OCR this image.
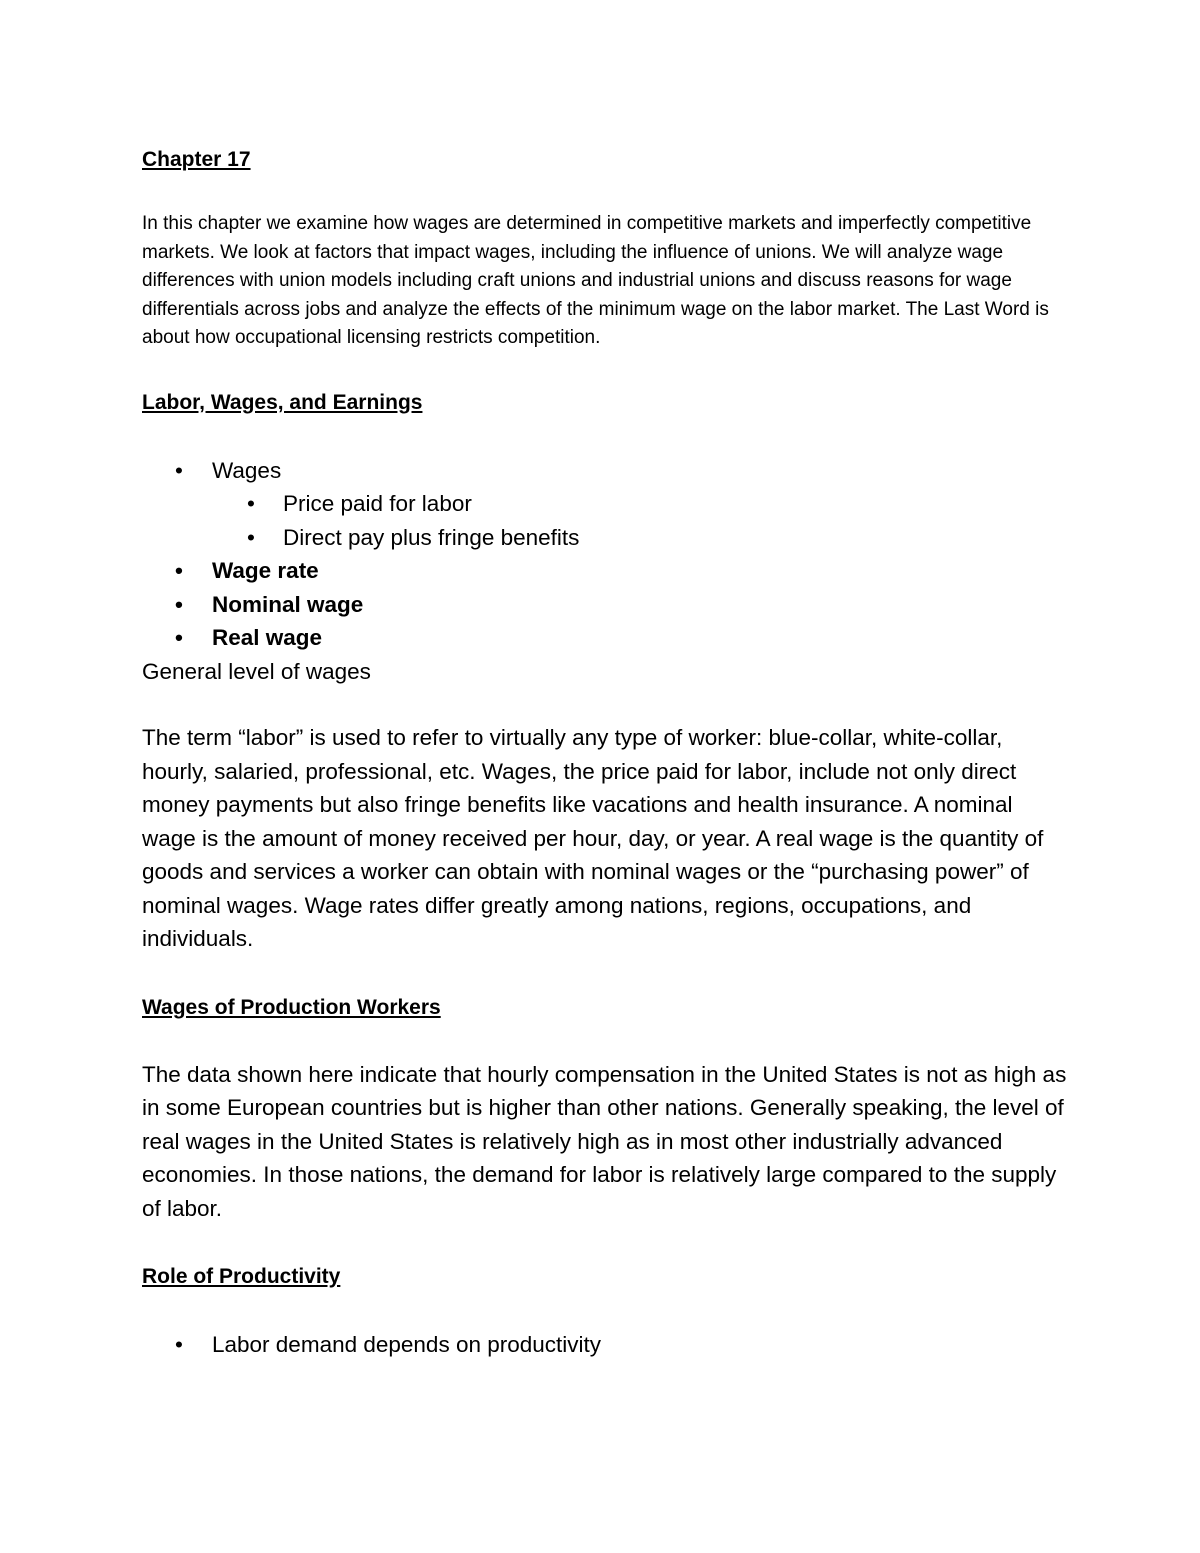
Chapter 17

In this chapter we examine how wages are determined in competitive markets and imperfectly competitive markets. We look at factors that impact wages, including the influence of unions. We will analyze wage differences with union models including craft unions and industrial unions and discuss reasons for wage differentials across jobs and analyze the effects of the minimum wage on the labor market. The Last Word is about how occupational licensing restricts competition.

Labor, Wages, and Earnings

• Wages
• Price paid for labor
• Direct pay plus fringe benefits
• Wage rate
• Nominal wage
• Real wage

General level of wages

The term “labor” is used to refer to virtually any type of worker: blue-collar, white-collar, hourly, salaried, professional, etc. Wages, the price paid for labor, include not only direct money payments but also fringe benefits like vacations and health insurance. A nominal wage is the amount of money received per hour, day, or year. A real wage is the quantity of goods and services a worker can obtain with nominal wages or the “purchasing power” of nominal wages. Wage rates differ greatly among nations, regions, occupations, and individuals.

Wages of Production Workers

The data shown here indicate that hourly compensation in the United States is not as high as in some European countries but is higher than other nations. Generally speaking, the level of real wages in the United States is relatively high as in most other industrially advanced economies. In those nations, the demand for labor is relatively large compared to the supply of labor.

Role of Productivity

• Labor demand depends on productivity
